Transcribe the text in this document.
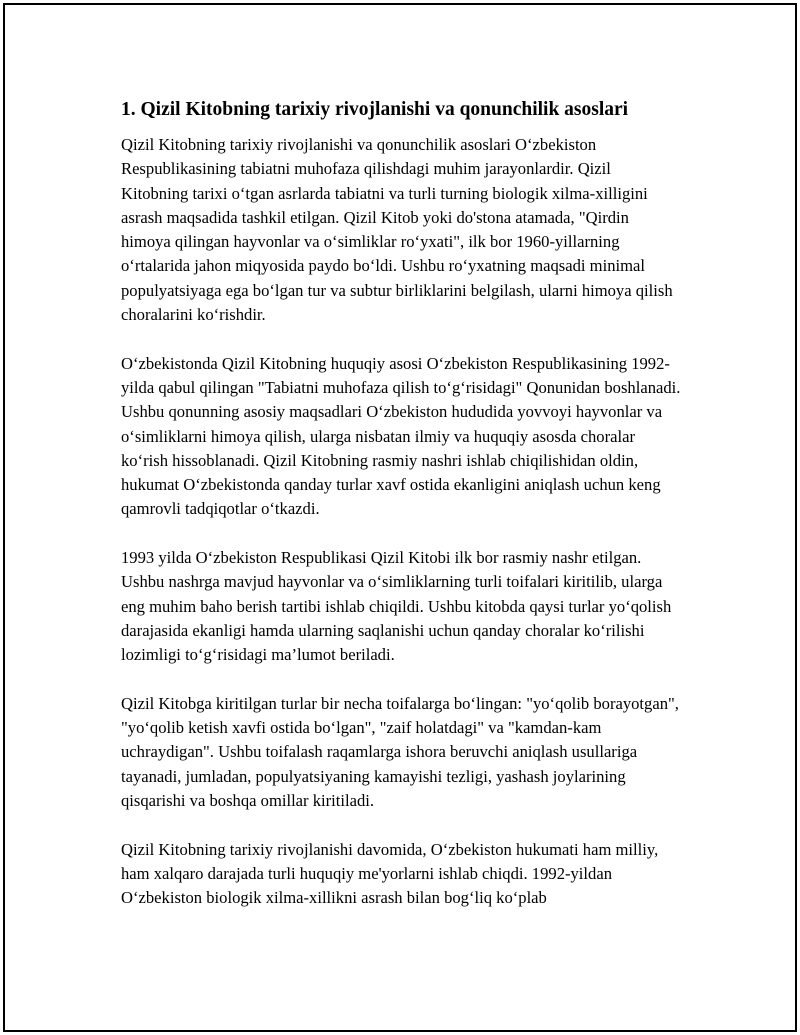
1. Qizil Kitobning tarixiy rivojlanishi va qonunchilik asoslari

Qizil Kitobning tarixiy rivojlanishi va qonunchilik asoslari O‘zbekiston Respublikasining tabiatni muhofaza qilishdagi muhim jarayonlardir. Qizil Kitobning tarixi o‘tgan asrlarda tabiatni va turli turning biologik xilma-xilligini asrash maqsadida tashkil etilgan. Qizil Kitob yoki do'stona atamada, "Qirdin himoya qilingan hayvonlar va o‘simliklar ro‘yxati", ilk bor 1960-yillarning o‘rtalarida jahon miqyosida paydo bo‘ldi. Ushbu ro‘yxatning maqsadi minimal populyatsiyaga ega bo‘lgan tur va subtur birliklarini belgilash, ularni himoya qilish choralarini ko‘rishdir.

O‘zbekistonda Qizil Kitobning huquqiy asosi O‘zbekiston Respublikasining 1992-yilda qabul qilingan "Tabiatni muhofaza qilish to‘g‘risidagi" Qonunidan boshlanadi. Ushbu qonunning asosiy maqsadlari O‘zbekiston hududida yovvoyi hayvonlar va o‘simliklarni himoya qilish, ularga nisbatan ilmiy va huquqiy asosda choralar ko‘rish hissoblanadi. Qizil Kitobning rasmiy nashri ishlab chiqilishidan oldin, hukumat O‘zbekistonda qanday turlar xavf ostida ekanligini aniqlash uchun keng qamrovli tadqiqotlar o‘tkazdi.

1993 yilda O‘zbekiston Respublikasi Qizil Kitobi ilk bor rasmiy nashr etilgan. Ushbu nashrga mavjud hayvonlar va o‘simliklarning turli toifalari kiritilib, ularga eng muhim baho berish tartibi ishlab chiqildi. Ushbu kitobda qaysi turlar yo‘qolish darajasida ekanligi hamda ularning saqlanishi uchun qanday choralar ko‘rilishi lozimligi to‘g‘risidagi ma’lumot beriladi.

Qizil Kitobga kiritilgan turlar bir necha toifalarga bo‘lingan: "yo‘qolib borayotgan", "yo‘qolib ketish xavfi ostida bo‘lgan", "zaif holatdagi" va "kamdan-kam uchraydigan". Ushbu toifalash raqamlarga ishora beruvchi aniqlash usullariga tayanadi, jumladan, populyatsiyaning kamayishi tezligi, yashash joylarining qisqarishi va boshqa omillar kiritiladi.

Qizil Kitobning tarixiy rivojlanishi davomida, O‘zbekiston hukumati ham milliy, ham xalqaro darajada turli huquqiy me'yorlarni ishlab chiqdi. 1992-yildan O‘zbekiston biologik xilma-xillikni asrash bilan bog‘liq ko‘plab
